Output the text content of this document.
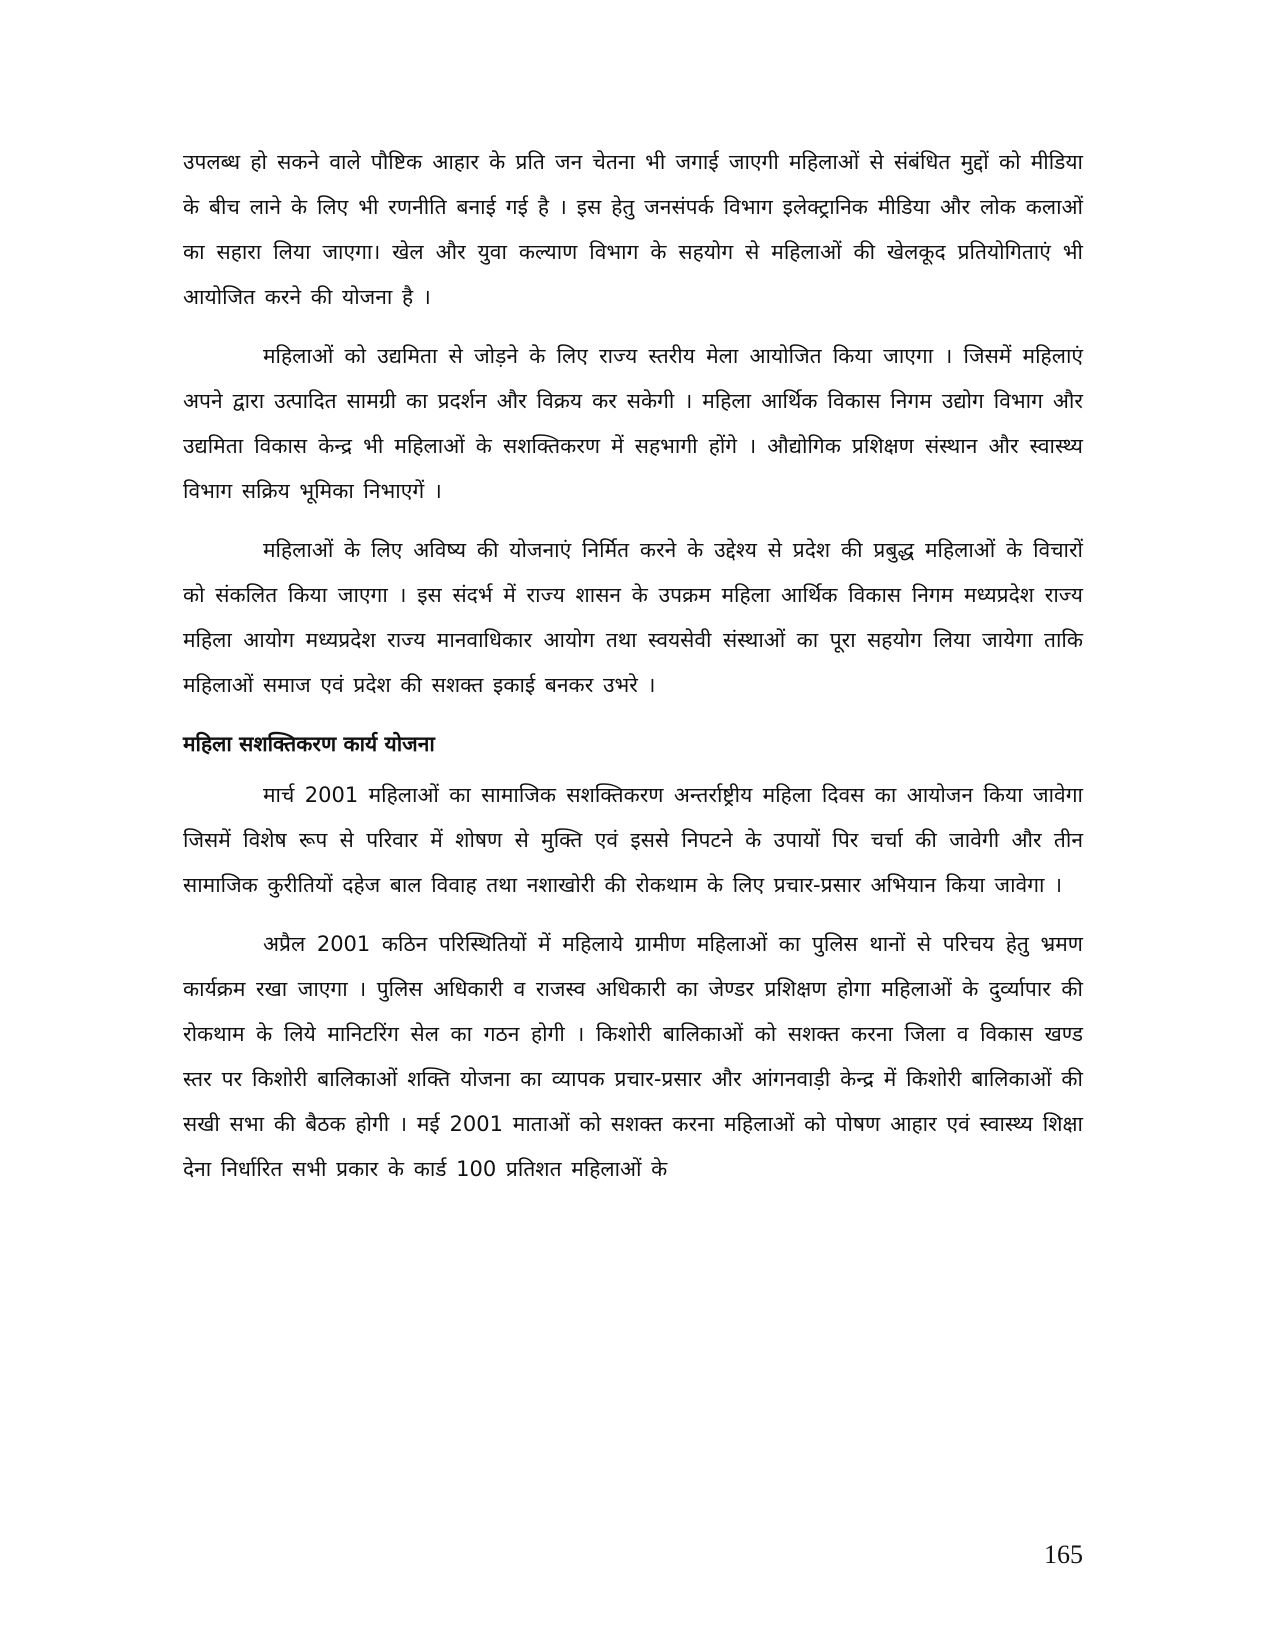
उपलब्ध हो सकने वाले पौष्टिक आहार के प्रति जन चेतना भी जगाई जाएगी महिलाओं से संबंधित मुद्दों को मीडिया के बीच लाने के लिए भी रणनीति बनाई गई है । इस हेतु जनसंपर्क विभाग इलेक्ट्रानिक मीडिया और लोक कलाओं का सहारा लिया जाएगा। खेल और युवा कल्याण विभाग के सहयोग से महिलाओं की खेलकूद प्रतियोगिताएं भी आयोजित करने की योजना है ।

महिलाओं को उद्यमिता से जोड़ने के लिए राज्य स्तरीय मेला आयोजित किया जाएगा । जिसमें महिलाएं अपने द्वारा उत्पादित सामग्री का प्रदर्शन और विक्रय कर सकेगी । महिला आर्थिक विकास निगम उद्योग विभाग और उद्यमिता विकास केन्द्र भी महिलाओं के सशक्तिकरण में सहभागी होंगे । औद्योगिक प्रशिक्षण संस्थान और स्वास्थ्य विभाग सक्रिय भूमिका निभाएगें ।

महिलाओं के लिए अविष्य की योजनाएं निर्मित करने के उद्देश्य से प्रदेश की प्रबुद्ध महिलाओं के विचारों को संकलित किया जाएगा । इस संदर्भ में राज्य शासन के उपक्रम महिला आर्थिक विकास निगम मध्यप्रदेश राज्य महिला आयोग मध्यप्रदेश राज्य मानवाधिकार आयोग तथा स्वयसेवी संस्थाओं का पूरा सहयोग लिया जायेगा ताकि महिलाओं समाज एवं प्रदेश की सशक्त इकाई बनकर उभरे ।

महिला सशक्तिकरण कार्य योजना

मार्च 2001 महिलाओं का सामाजिक सशक्तिकरण अन्तर्राष्ट्रीय महिला दिवस का आयोजन किया जावेगा जिसमें विशेष रूप से परिवार में शोषण से मुक्ति एवं इससे निपटने के उपायों पिर चर्चा की जावेगी और तीन सामाजिक कुरीतियों दहेज बाल विवाह तथा नशाखोरी की रोकथाम के लिए प्रचार-प्रसार अभियान किया जावेगा ।

अप्रैल 2001 कठिन परिस्थितियों में महिलाये ग्रामीण महिलाओं का पुलिस थानों से परिचय हेतु भ्रमण कार्यक्रम रखा जाएगा । पुलिस अधिकारी व राजस्व अधिकारी का जेण्डर प्रशिक्षण होगा महिलाओं के दुर्व्यापार की रोकथाम के लिये मानिटरिंग सेल का गठन होगी । किशोरी बालिकाओं को सशक्त करना जिला व विकास खण्ड स्तर पर किशोरी बालिकाओं शक्ति योजना का व्यापक प्रचार-प्रसार और आंगनवाड़ी केन्द्र में किशोरी बालिकाओं की सखी सभा की बैठक होगी । मई 2001 माताओं को सशक्त करना महिलाओं को पोषण आहार एवं स्वास्थ्य शिक्षा देना निर्धारित सभी प्रकार के कार्ड 100 प्रतिशत महिलाओं के

165
